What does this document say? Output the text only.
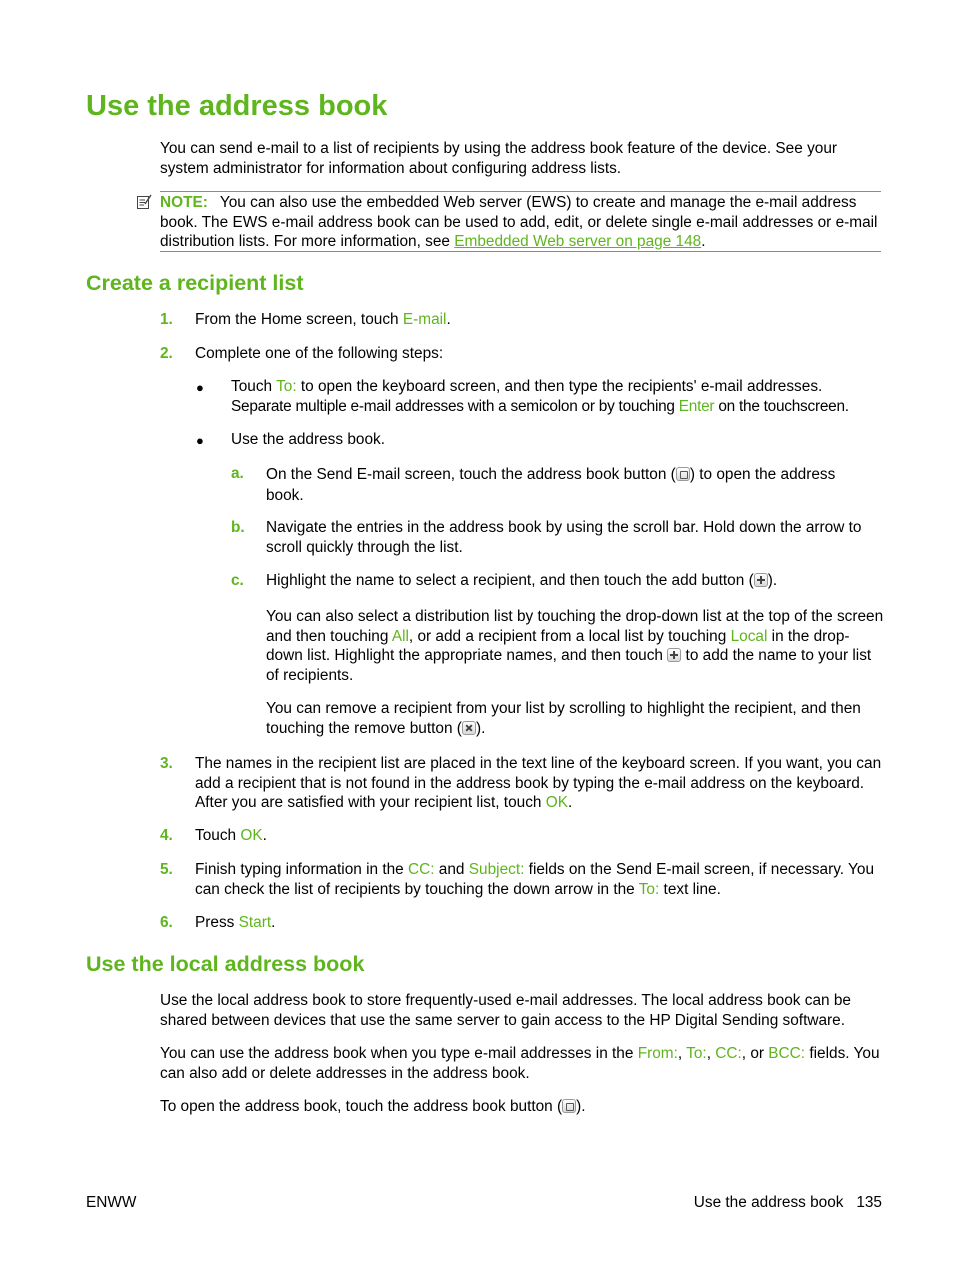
Use the address book

You can send e-mail to a list of recipients by using the address book feature of the device. See your system administrator for information about configuring address lists.

NOTE: You can also use the embedded Web server (EWS) to create and manage the e-mail address book. The EWS e-mail address book can be used to add, edit, or delete single e-mail addresses or e-mail distribution lists. For more information, see Embedded Web server on page 148.
Create a recipient list
1. From the Home screen, touch E-mail.

2. Complete one of the following steps:

● Touch To: to open the keyboard screen, and then type the recipients' e-mail addresses.
Separate multiple e-mail addresses with a semicolon or by touching Enter on the touchscreen.

● Use the address book.

a. On the Send E-mail screen, touch the address book button ( ) to open the address
book.

b. Navigate the entries in the address book by using the scroll bar. Hold down the arrow to scroll quickly through the list.

c. Highlight the name to select a recipient, and then touch the add button ( ).

You can also select a distribution list by touching the drop-down list at the top of the screen and then touching All, or add a recipient from a local list by touching Local in the drop-down list. Highlight the appropriate names, and then touch  to add the name to your list of recipients.

You can remove a recipient from your list by scrolling to highlight the recipient, and then touching the remove button ( ).

3. The names in the recipient list are placed in the text line of the keyboard screen. If you want, you can add a recipient that is not found in the address book by typing the e-mail address on the keyboard. After you are satisfied with your recipient list, touch OK.

4. Touch OK.

5. Finish typing information in the CC: and Subject: fields on the Send E-mail screen, if necessary. You can check the list of recipients by touching the down arrow in the To: text line.

6. Press Start.

Use the local address book

Use the local address book to store frequently-used e-mail addresses. The local address book can be shared between devices that use the same server to gain access to the HP Digital Sending software.

You can use the address book when you type e-mail addresses in the From:, To:, CC:, or BCC: fields. You can also add or delete addresses in the address book.

To open the address book, touch the address book button ( ).

ENWW	Use the address book   135
